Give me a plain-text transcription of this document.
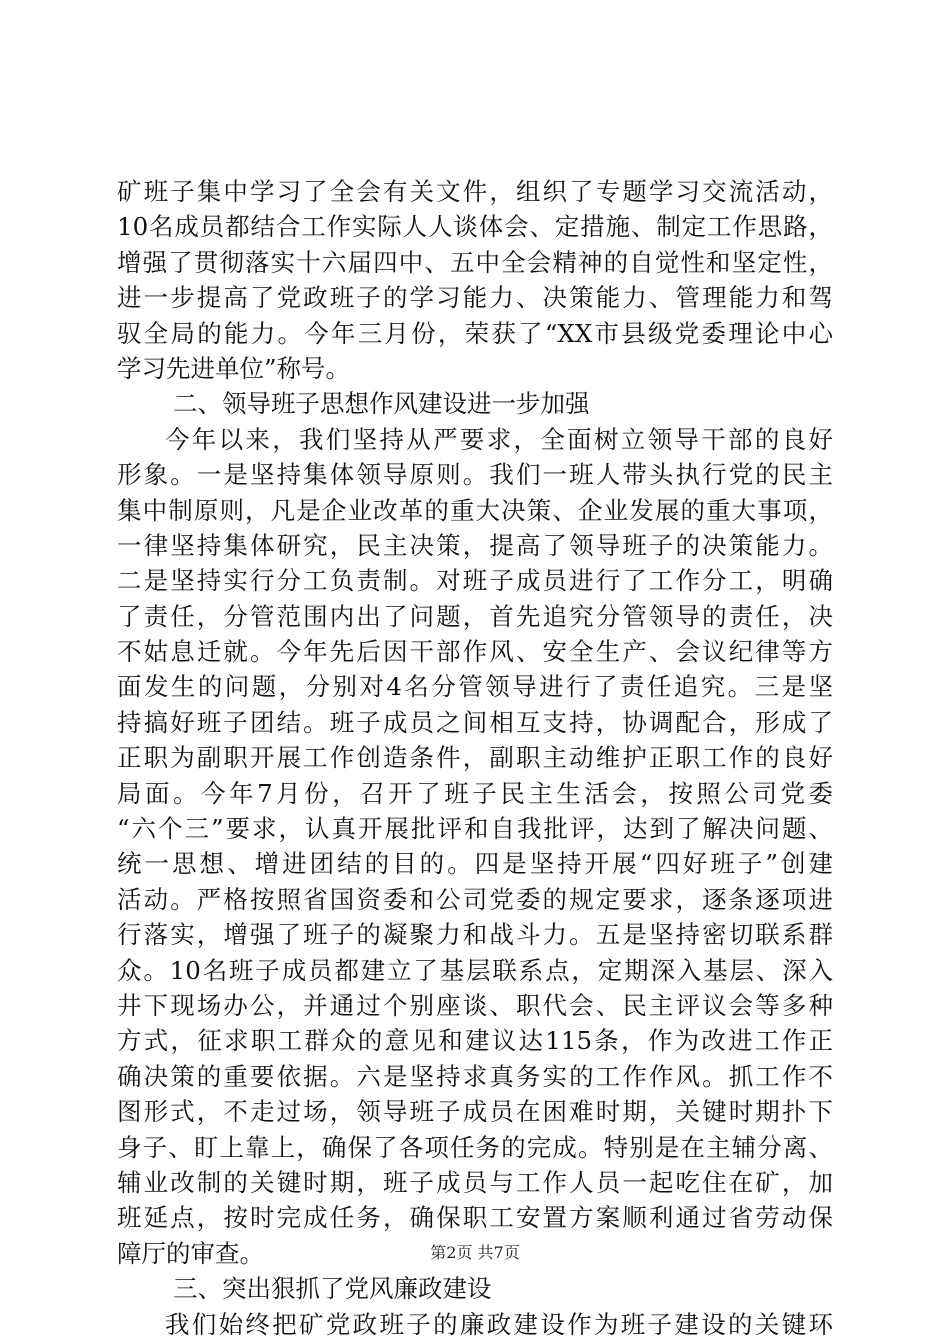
矿班子集中学习了全会有关文件，组织了专题学习交流活动，
10名成员都结合工作实际人人谈体会、定措施、制定工作思路，
增强了贯彻落实十六届四中、五中全会精神的自觉性和坚定性，
进一步提高了党政班子的学习能力、决策能力、管理能力和驾
驭全局的能力。今年三月份，荣获了“XX市县级党委理论中心
学习先进单位”称号。
二、领导班子思想作风建设进一步加强
今年以来，我们坚持从严要求，全面树立领导干部的良好
形象。一是坚持集体领导原则。我们一班人带头执行党的民主
集中制原则，凡是企业改革的重大决策、企业发展的重大事项，
一律坚持集体研究，民主决策，提高了领导班子的决策能力。
二是坚持实行分工负责制。对班子成员进行了工作分工，明确
了责任，分管范围内出了问题，首先追究分管领导的责任，决
不姑息迁就。今年先后因干部作风、安全生产、会议纪律等方
面发生的问题，分别对4名分管领导进行了责任追究。三是坚
持搞好班子团结。班子成员之间相互支持，协调配合，形成了
正职为副职开展工作创造条件，副职主动维护正职工作的良好
局面。今年7月份，召开了班子民主生活会，按照公司党委
“六个三”要求，认真开展批评和自我批评，达到了解决问题、
统一思想、增进团结的目的。四是坚持开展“四好班子”创建
活动。严格按照省国资委和公司党委的规定要求，逐条逐项进
行落实，增强了班子的凝聚力和战斗力。五是坚持密切联系群
众。10名班子成员都建立了基层联系点，定期深入基层、深入
井下现场办公，并通过个别座谈、职代会、民主评议会等多种
方式，征求职工群众的意见和建议达115条，作为改进工作正
确决策的重要依据。六是坚持求真务实的工作作风。抓工作不
图形式，不走过场，领导班子成员在困难时期，关键时期扑下
身子、盯上靠上，确保了各项任务的完成。特别是在主辅分离、
辅业改制的关键时期，班子成员与工作人员一起吃住在矿，加
班延点，按时完成任务，确保职工安置方案顺利通过省劳动保
障厅的审查。
三、突出狠抓了党风廉政建设
我们始终把矿党政班子的廉政建设作为班子建设的关键环
第2页 共7页
